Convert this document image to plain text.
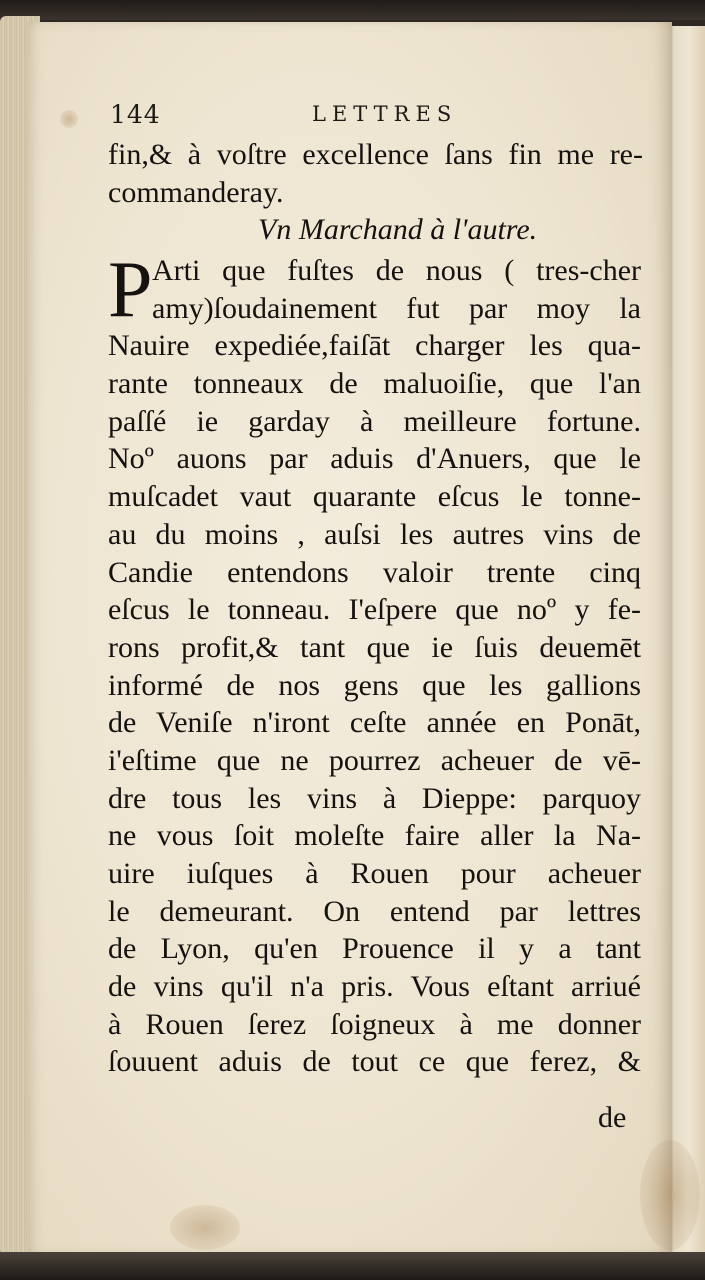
144	LETTRES
fin,& à voſtre excellence ſans fin me re-
commanderay.
Vn Marchand à l'autre.
P Arti que fuſtes de nous ( tres-cher
amy)ſoudainement fut par moy la
Nauire expediée,faiſāt charger les qua-
rante tonneaux de maluoiſie, que l'an
paſſé ie garday à meilleure fortune.
Noº auons par aduis d'Anuers, que le
muſcadet vaut quarante eſcus le tonne-
au du moins , auſsi les autres vins de
Candie entendons valoir trente cinq
eſcus le tonneau. I'eſpere que noº y fe-
rons profit,& tant que ie ſuis deuemēt
informé de nos gens que les gallions
de Veniſe n'iront ceſte année en Ponāt,
i'eſtime que ne pourrez acheuer de vē-
dre tous les vins à Dieppe: parquoy
ne vous ſoit moleſte faire aller la Na-
uire iuſques à Rouen pour acheuer
le demeurant. On entend par lettres
de Lyon, qu'en Prouence il y a tant
de vins qu'il n'a pris. Vous eſtant arriué
à Rouen ſerez ſoigneux à me donner
ſouuent aduis de tout ce que ferez, &
de
